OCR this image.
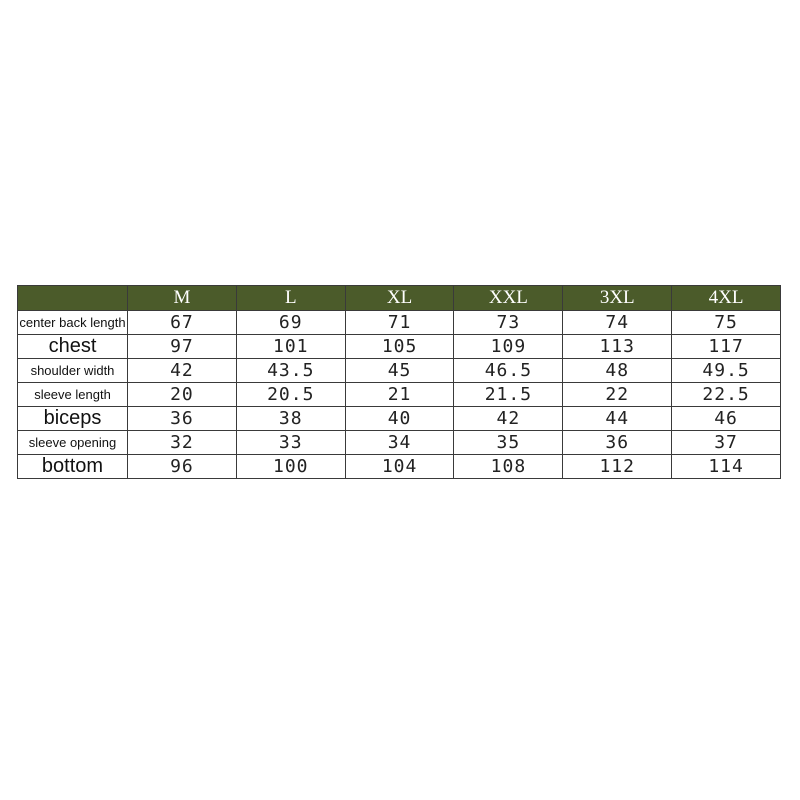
	M	L	XL	XXL	3XL	4XL
center back length	67	69	71	73	74	75
chest	97	101	105	109	113	117
shoulder width	42	43.5	45	46.5	48	49.5
sleeve length	20	20.5	21	21.5	22	22.5
biceps	36	38	40	42	44	46
sleeve opening	32	33	34	35	36	37
bottom	96	100	104	108	112	114
